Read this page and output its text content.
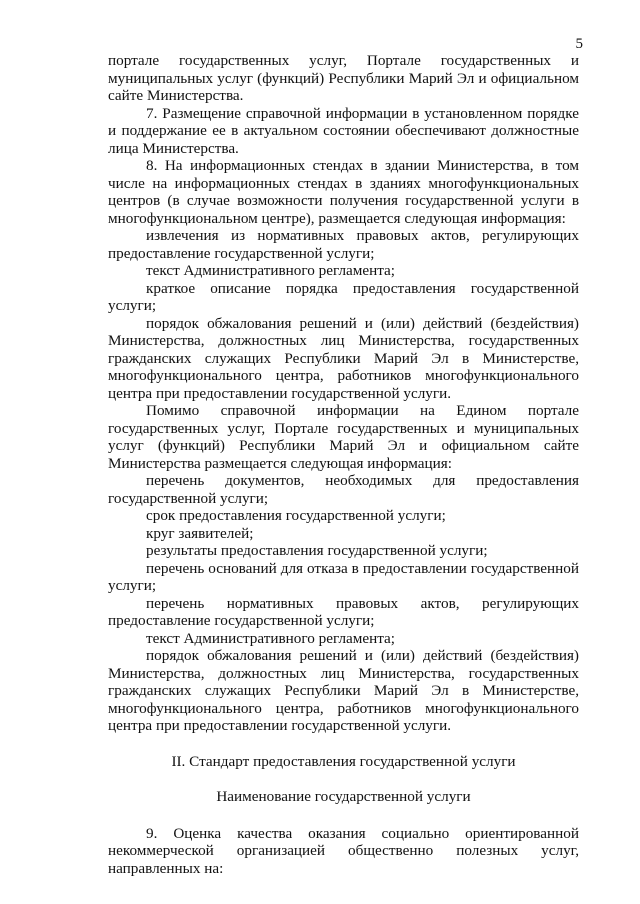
5

порталe государственных услуг, Портале государственных и муниципальных услуг (функций) Республики Марий Эл и официальном сайте Министерства.

7. Размещение справочной информации в установленном порядке и поддержание ее в актуальном состоянии обеспечивают должностные лица Министерства.

8. На информационных стендах в здании Министерства, в том числе на информационных стендах в зданиях многофункциональных центров (в случае возможности получения государственной услуги в многофункциональном центре), размещается следующая информация:

извлечения из нормативных правовых актов, регулирующих предоставление государственной услуги;

текст Административного регламента;

краткое описание порядка предоставления государственной услуги;

порядок обжалования решений и (или) действий (бездействия) Министерства, должностных лиц Министерства, государственных гражданских служащих Республики Марий Эл в Министерстве, многофункционального центра, работников многофункционального центра при предоставлении государственной услуги.

Помимо справочной информации на Едином портале государственных услуг, Портале государственных и муниципальных услуг (функций) Республики Марий Эл и официальном сайте Министерства размещается следующая информация:

перечень документов, необходимых для предоставления государственной услуги;

срок предоставления государственной услуги;

круг заявителей;

результаты предоставления государственной услуги;

перечень оснований для отказа в предоставлении государственной услуги;

перечень нормативных правовых актов, регулирующих предоставление государственной услуги;

текст Административного регламента;

порядок обжалования решений и (или) действий (бездействия) Министерства, должностных лиц Министерства, государственных гражданских служащих Республики Марий Эл в Министерстве, многофункционального центра, работников многофункционального центра при предоставлении государственной услуги.

II. Стандарт предоставления государственной услуги

Наименование государственной услуги

9. Оценка качества оказания социально ориентированной некоммерческой организацией общественно полезных услуг, направленных на:
